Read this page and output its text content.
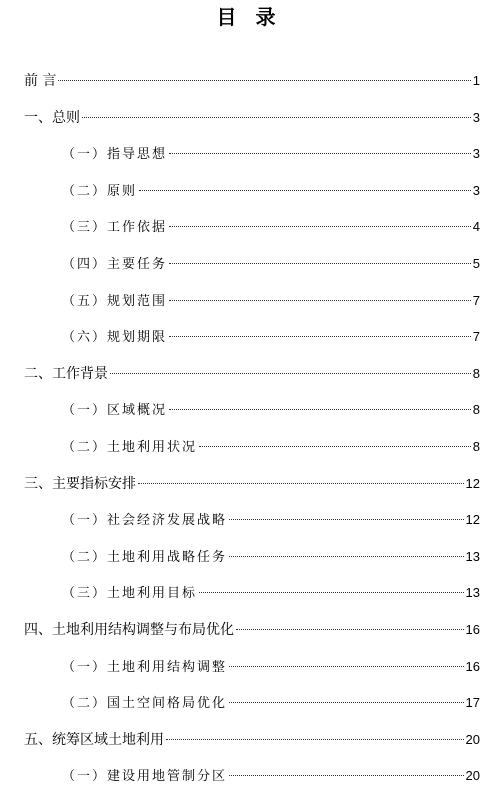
目 录
前 言	1
一、总则	3
（一）指导思想	3
（二）原则	3
（三）工作依据	4
（四）主要任务	5
（五）规划范围	7
（六）规划期限	7
二、工作背景	8
（一）区域概况	8
（二）土地利用状况	8
三、主要指标安排	12
（一）社会经济发展战略	12
（二）土地利用战略任务	13
（三）土地利用目标	13
四、土地利用结构调整与布局优化	16
（一）土地利用结构调整	16
（二）国土空间格局优化	17
五、统筹区域土地利用	20
（一）建设用地管制分区	20
